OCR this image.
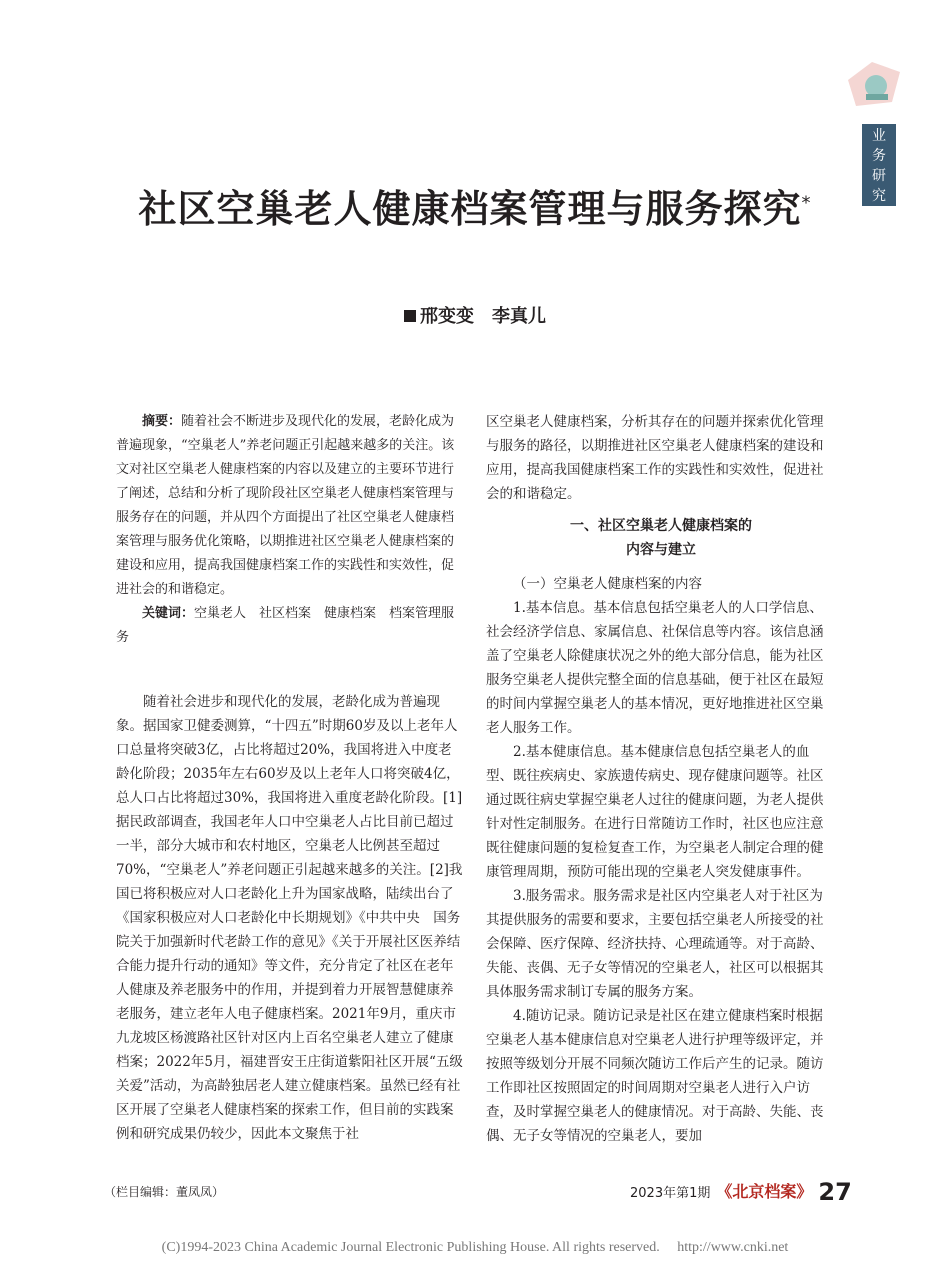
业务研究
社区空巢老人健康档案管理与服务探究*
邢变变　李真儿

摘要：随着社会不断进步及现代化的发展，老龄化成为普遍现象，“空巢老人”养老问题正引起越来越多的关注。该文对社区空巢老人健康档案的内容以及建立的主要环节进行了阐述，总结和分析了现阶段社区空巢老人健康档案管理与服务存在的问题，并从四个方面提出了社区空巢老人健康档案管理与服务优化策略，以期推进社区空巢老人健康档案的建设和应用，提高我国健康档案工作的实践性和实效性，促进社会的和谐稳定。

关键词：空巢老人　社区档案　健康档案　档案管理服务

随着社会进步和现代化的发展，老龄化成为普遍现象。据国家卫健委测算，“十四五”时期60岁及以上老年人口总量将突破3亿，占比将超过20%，我国将进入中度老龄化阶段；2035年左右60岁及以上老年人口将突破4亿，总人口占比将超过30%，我国将进入重度老龄化阶段。[1]据民政部调查，我国老年人口中空巢老人占比目前已超过一半，部分大城市和农村地区，空巢老人比例甚至超过70%，“空巢老人”养老问题正引起越来越多的关注。[2]我国已将积极应对人口老龄化上升为国家战略，陆续出台了《国家积极应对人口老龄化中长期规划》《中共中央　国务院关于加强新时代老龄工作的意见》《关于开展社区医养结合能力提升行动的通知》等文件，充分肯定了社区在老年人健康及养老服务中的作用，并提到着力开展智慧健康养老服务，建立老年人电子健康档案。2021年9月，重庆市九龙坡区杨渡路社区针对区内上百名空巢老人建立了健康档案；2022年5月，福建晋安王庄街道紫阳社区开展“五级关爱”活动，为高龄独居老人建立健康档案。虽然已经有社区开展了空巢老人健康档案的探索工作，但目前的实践案例和研究成果仍较少，因此本文聚焦于社

区空巢老人健康档案，分析其存在的问题并探索优化管理与服务的路径，以期推进社区空巢老人健康档案的建设和应用，提高我国健康档案工作的实践性和实效性，促进社会的和谐稳定。

一、社区空巢老人健康档案的
内容与建立

（一）空巢老人健康档案的内容

1.基本信息。基本信息包括空巢老人的人口学信息、社会经济学信息、家属信息、社保信息等内容。该信息涵盖了空巢老人除健康状况之外的绝大部分信息，能为社区服务空巢老人提供完整全面的信息基础，便于社区在最短的时间内掌握空巢老人的基本情况，更好地推进社区空巢老人服务工作。

2.基本健康信息。基本健康信息包括空巢老人的血型、既往疾病史、家族遗传病史、现存健康问题等。社区通过既往病史掌握空巢老人过往的健康问题，为老人提供针对性定制服务。在进行日常随访工作时，社区也应注意既往健康问题的复检复查工作，为空巢老人制定合理的健康管理周期，预防可能出现的空巢老人突发健康事件。

3.服务需求。服务需求是社区内空巢老人对于社区为其提供服务的需要和要求，主要包括空巢老人所接受的社会保障、医疗保障、经济扶持、心理疏通等。对于高龄、失能、丧偶、无子女等情况的空巢老人，社区可以根据其具体服务需求制订专属的服务方案。

4.随访记录。随访记录是社区在建立健康档案时根据空巢老人基本健康信息对空巢老人进行护理等级评定，并按照等级划分开展不同频次随访工作后产生的记录。随访工作即社区按照固定的时间周期对空巢老人进行入户访查，及时掌握空巢老人的健康情况。对于高龄、失能、丧偶、无子女等情况的空巢老人，要加

（栏目编辑：董凤凤）	2023年第1期 《北京档案》 27
(C)1994-2023 China Academic Journal Electronic Publishing House. All rights reserved.　 http://www.cnki.net
